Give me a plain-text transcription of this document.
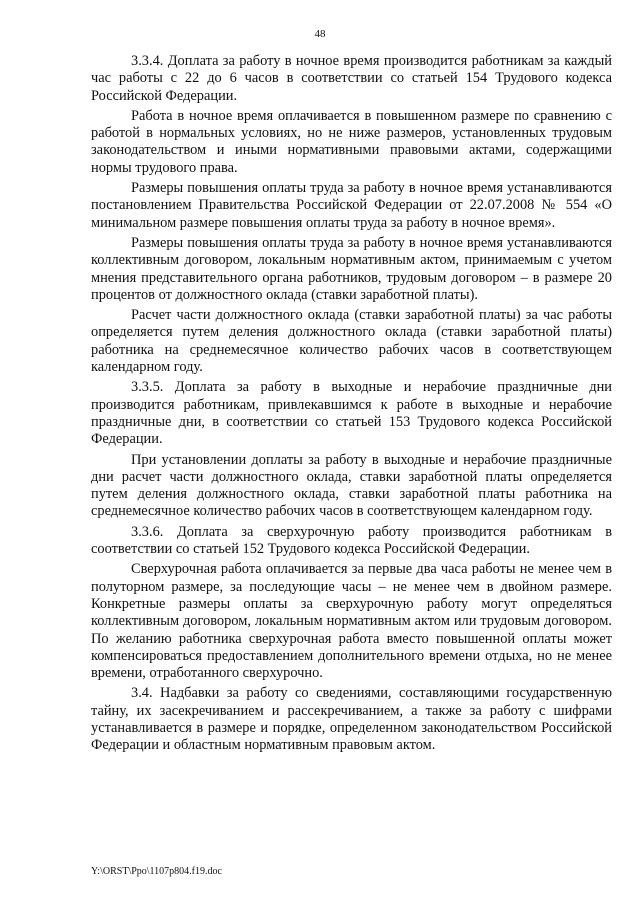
48

3.3.4. Доплата за работу в ночное время производится работникам за каждый час работы с 22 до 6 часов в соответствии со статьей 154 Трудового кодекса Российской Федерации.

Работа в ночное время оплачивается в повышенном размере по сравнению с работой в нормальных условиях, но не ниже размеров, установленных трудовым законодательством и иными нормативными правовыми актами, содержащими нормы трудового права.

Размеры повышения оплаты труда за работу в ночное время устанавливаются постановлением Правительства Российской Федерации от 22.07.2008 № 554 «О минимальном размере повышения оплаты труда за работу в ночное время».

Размеры повышения оплаты труда за работу в ночное время устанавливаются коллективным договором, локальным нормативным актом, принимаемым с учетом мнения представительного органа работников, трудовым договором – в размере 20 процентов от должностного оклада (ставки заработной платы).

Расчет части должностного оклада (ставки заработной платы) за час работы определяется путем деления должностного оклада (ставки заработной платы) работника на среднемесячное количество рабочих часов в соответствующем календарном году.

3.3.5. Доплата за работу в выходные и нерабочие праздничные дни производится работникам, привлекавшимся к работе в выходные и нерабочие праздничные дни, в соответствии со статьей 153 Трудового кодекса Российской Федерации.

При установлении доплаты за работу в выходные и нерабочие праздничные дни расчет части должностного оклада, ставки заработной платы определяется путем деления должностного оклада, ставки заработной платы работника на среднемесячное количество рабочих часов в соответствующем календарном году.

3.3.6. Доплата за сверхурочную работу производится работникам в соответствии со статьей 152 Трудового кодекса Российской Федерации.

Сверхурочная работа оплачивается за первые два часа работы не менее чем в полуторном размере, за последующие часы – не менее чем в двойном размере. Конкретные размеры оплаты за сверхурочную работу могут определяться коллективным договором, локальным нормативным актом или трудовым договором. По желанию работника сверхурочная работа вместо повышенной оплаты может компенсироваться предоставлением дополнительного времени отдыха, но не менее времени, отработанного сверхурочно.

3.4. Надбавки за работу со сведениями, составляющими государственную тайну, их засекречиванием и рассекречиванием, а также за работу с шифрами устанавливается в размере и порядке, определенном законодательством Российской Федерации и областным нормативным правовым актом.

Y:\ORST\Ppo\1107p804.f19.doc
